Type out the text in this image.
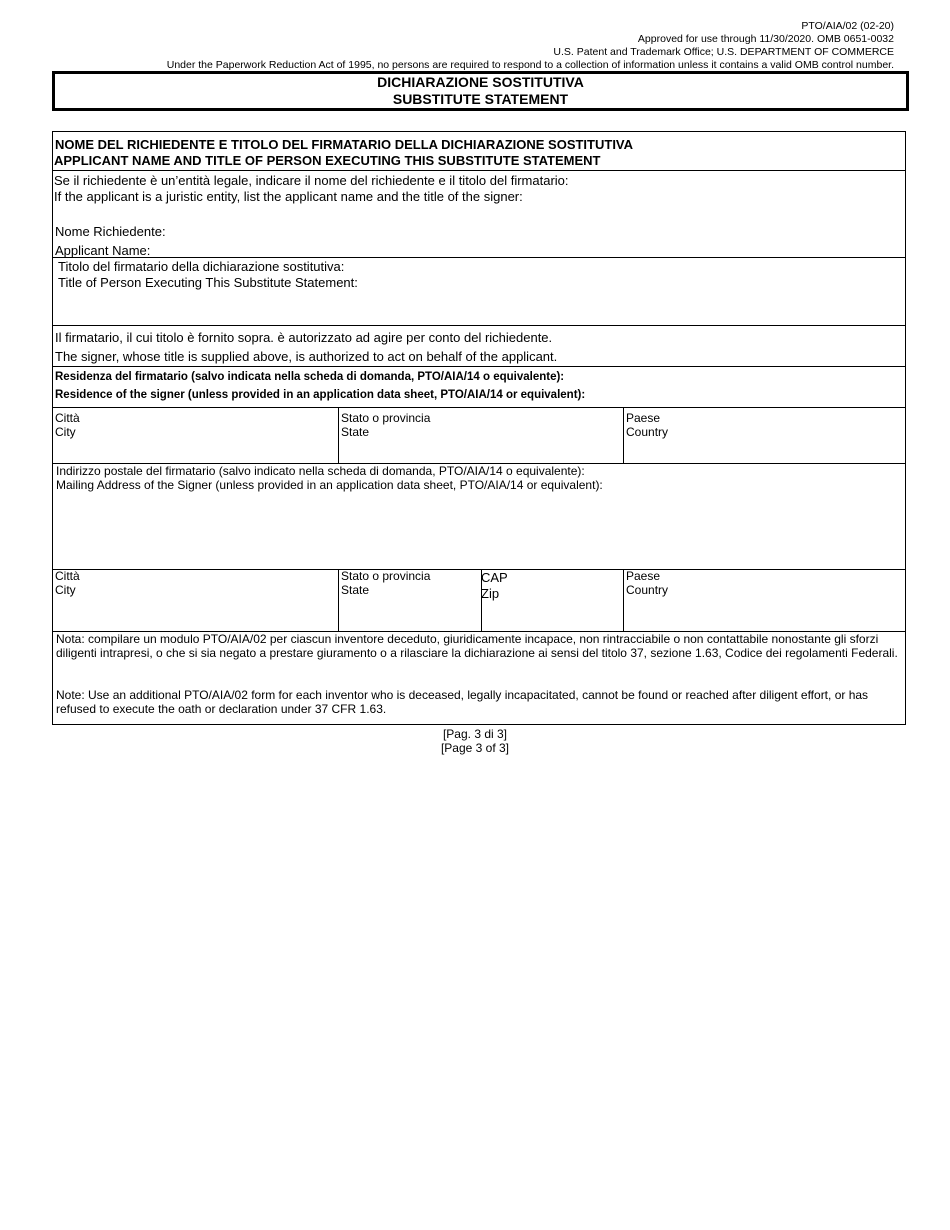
PTO/AIA/02 (02-20)
Approved for use through 11/30/2020. OMB 0651-0032
U.S. Patent and Trademark Office; U.S. DEPARTMENT OF COMMERCE
Under the Paperwork Reduction Act of 1995, no persons are required to respond to a collection of information unless it contains a valid OMB control number.
DICHIARAZIONE SOSTITUTIVA
SUBSTITUTE STATEMENT
NOME DEL RICHIEDENTE E TITOLO DEL FIRMATARIO DELLA DICHIARAZIONE SOSTITUTIVA
APPLICANT NAME AND TITLE OF PERSON EXECUTING THIS SUBSTITUTE STATEMENT
Se il richiedente è un’entità legale, indicare il nome del richiedente e il titolo del firmatario:
If the applicant is a juristic entity, list the applicant name and the title of the signer:
Nome Richiedente:
Applicant Name:
Titolo del firmatario della dichiarazione sostitutiva:
Title of Person Executing This Substitute Statement:
Il firmatario, il cui titolo è fornito sopra. è autorizzato ad agire per conto del richiedente.
The signer, whose title is supplied above, is authorized to act on behalf of the applicant.
Residenza del firmatario (salvo indicata nella scheda di domanda, PTO/AIA/14 o equivalente):
Residence of the signer (unless provided in an application data sheet, PTO/AIA/14 or equivalent):
Città
City
Stato o provincia
State
Paese
Country
Indirizzo postale del firmatario (salvo indicato nella scheda di domanda, PTO/AIA/14 o equivalente):
Mailing Address of the Signer (unless provided in an application data sheet, PTO/AIA/14 or equivalent):
Città
City
Stato o provincia
State
CAP
Zip
Paese
Country
Nota: compilare un modulo PTO/AIA/02 per ciascun inventore deceduto, giuridicamente incapace, non rintracciabile o non contattabile nonostante gli sforzi diligenti intrapresi, o che si sia negato a prestare giuramento o a rilasciare la dichiarazione ai sensi del titolo 37, sezione 1.63, Codice dei regolamenti Federali.
Note: Use an additional PTO/AIA/02 form for each inventor who is deceased, legally incapacitated, cannot be found or reached after diligent effort, or has refused to execute the oath or declaration under 37 CFR 1.63.
[Pag. 3 di 3]
[Page 3 of 3]
